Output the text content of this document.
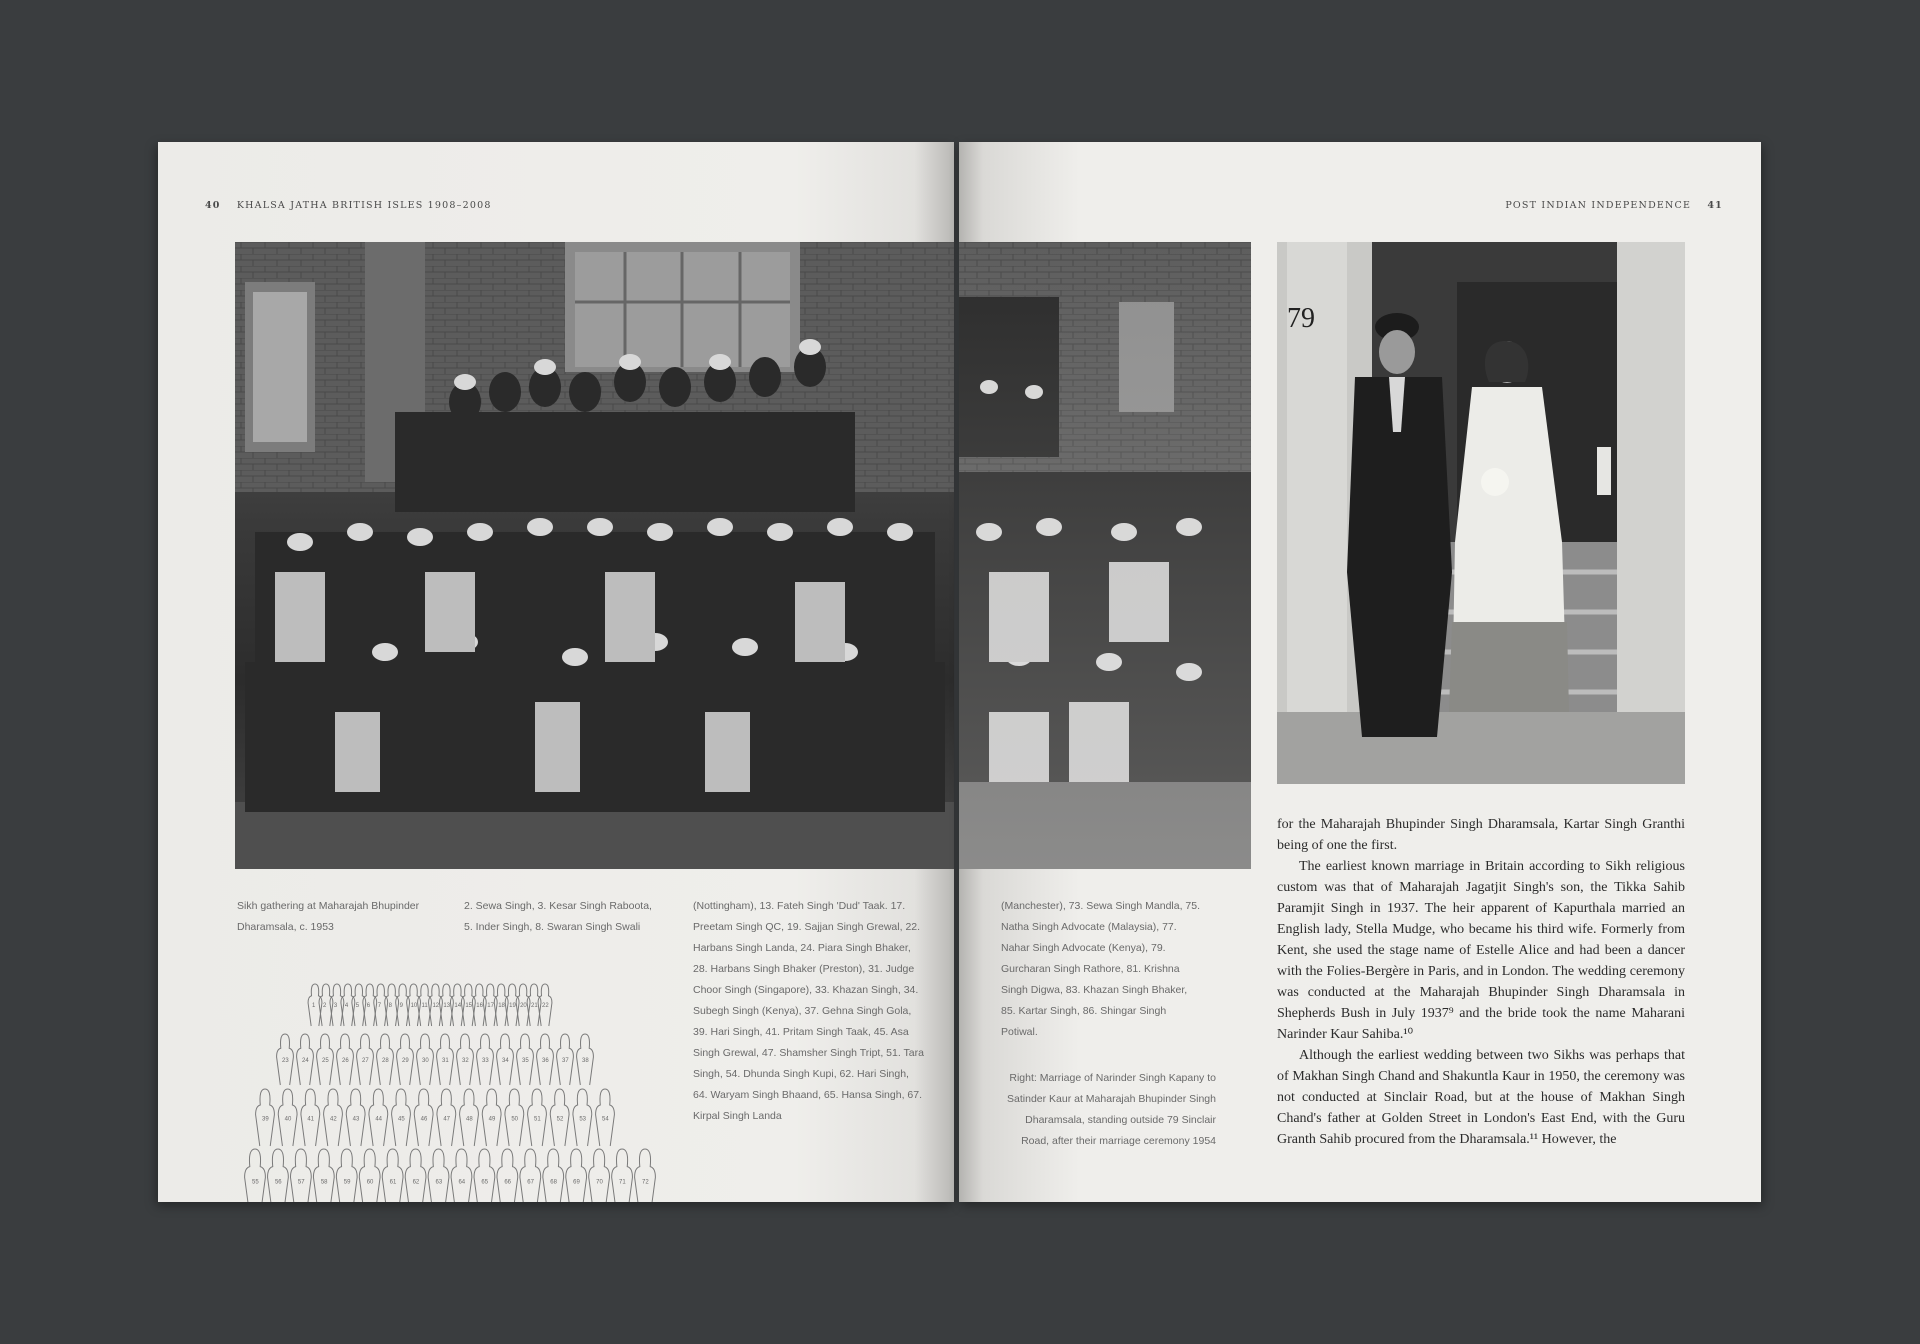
40 KHALSA JATHA BRITISH ISLES 1908–2008
Sikh gathering at Maharajah Bhupinder Dharamsala, c. 1953
2. Sewa Singh, 3. Kesar Singh Raboota, 5. Inder Singh, 8. Swaran Singh Swali
(Nottingham), 13. Fateh Singh 'Dud' Taak. 17. Preetam Singh QC, 19. Sajjan Singh Grewal, 22. Harbans Singh Landa, 24. Piara Singh Bhaker, 28. Harbans Singh Bhaker (Preston), 31. Judge Choor Singh (Singapore), 33. Khazan Singh, 34. Subegh Singh (Kenya), 37. Gehna Singh Gola, 39. Hari Singh, 41. Pritam Singh Taak, 45. Asa Singh Grewal, 47. Shamsher Singh Tript, 51. Tara Singh, 54. Dhunda Singh Kupi, 62. Hari Singh, 64. Waryam Singh Bhaand, 65. Hansa Singh, 67. Kirpal Singh Landa
1 2 3 4 5 6 7 8 9 10 11 12 13 14 15 16 17 18 19 20 21 22
23 24 25 26 27 28 29 30 31 32 33 34 35 36 37 38
39	40	41	42	43	44	45	46	47	48	49	50	51	52	53	54
55	56	57	58	59	60	61	62	63	64	65	66	67	68	69	70	71	72
73	74	75	76	77	78	79	80	81	82	83	84	85	86	87	88	89
POST INDIAN INDEPENDENCE 41
79
(Manchester), 73. Sewa Singh Mandla, 75. Natha Singh Advocate (Malaysia), 77. Nahar Singh Advocate (Kenya), 79. Gurcharan Singh Rathore, 81. Krishna Singh Digwa, 83. Khazan Singh Bhaker, 85. Kartar Singh, 86. Shingar Singh Potiwal.
Right: Marriage of Narinder Singh Kapany to Satinder Kaur at Maharajah Bhupinder Singh Dharamsala, standing outside 79 Sinclair Road, after their marriage ceremony 1954

for the Maharajah Bhupinder Singh Dharamsala, Kartar Singh Granthi being of one the first.

The earliest known marriage in Britain according to Sikh religious custom was that of Maharajah Jagatjit Singh's son, the Tikka Sahib Paramjit Singh in 1937. The heir apparent of Kapurthala married an English lady, Stella Mudge, who became his third wife. Formerly from Kent, she used the stage name of Estelle Alice and had been a dancer with the Folies-Bergère in Paris, and in London. The wedding ceremony was conducted at the Maharajah Bhupinder Singh Dharamsala in Shepherds Bush in July 1937⁹ and the bride took the name Maharani Narinder Kaur Sahiba.¹⁰

Although the earliest wedding between two Sikhs was perhaps that of Makhan Singh Chand and Shakuntla Kaur in 1950, the ceremony was not conducted at Sinclair Road, but at the house of Makhan Singh Chand's father at Golden Street in London's East End, with the Guru Granth Sahib procured from the Dharamsala.¹¹ However, the
